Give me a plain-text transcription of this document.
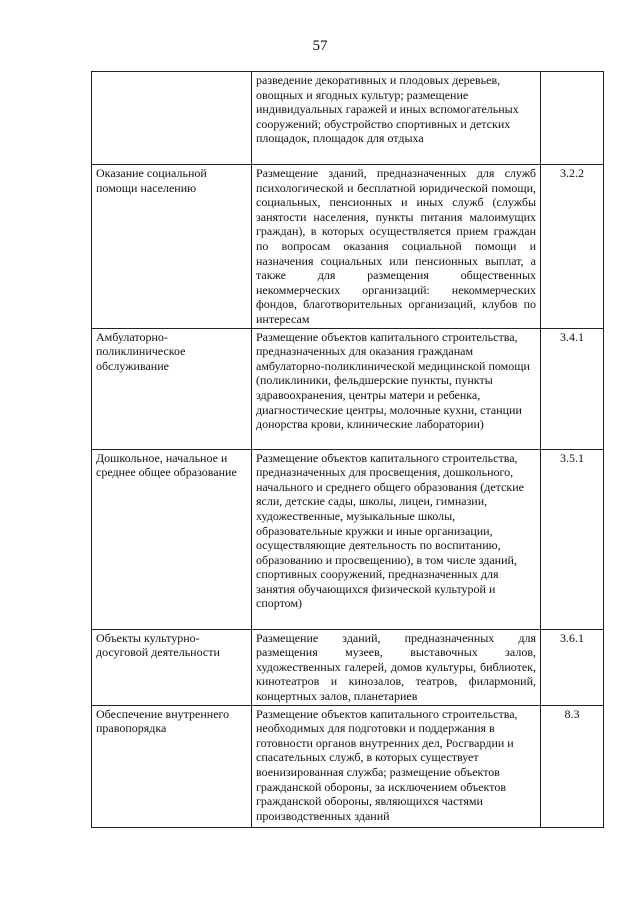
57
	разведение декоративных и плодовых деревьев, овощных и ягодных культур; размещение индивидуальных гаражей и иных вспомогательных сооружений; обустройство спортивных и детских площадок, площадок для отдыха	
Оказание социальной помощи населению	Размещение зданий, предназначенных для служб психологической и бесплатной юридической помощи, социальных, пенсионных и иных служб (службы занятости населения, пункты питания малоимущих граждан), в которых осуществляется прием граждан по вопросам оказания социальной помощи и назначения социальных или пенсионных выплат, а также для размещения общественных некоммерческих организаций: некоммерческих фондов, благотворительных организаций, клубов по интересам	3.2.2
Амбулаторно-поликлиническое обслуживание	Размещение объектов капитального строительства, предназначенных для оказания гражданам амбулаторно-поликлинической медицинской помощи (поликлиники, фельдшерские пункты, пункты здравоохранения, центры матери и ребенка, диагностические центры, молочные кухни, станции донорства крови, клинические лаборатории)	3.4.1
Дошкольное, начальное и среднее общее образование	Размещение объектов капитального строительства, предназначенных для просвещения, дошкольного, начального и среднего общего образования (детские ясли, детские сады, школы, лицеи, гимназии, художественные, музыкальные школы, образовательные кружки и иные организации, осуществляющие деятельность по воспитанию, образованию и просвещению), в том числе зданий, спортивных сооружений, предназначенных для занятия обучающихся физической культурой и спортом)	3.5.1
Объекты культурно-досуговой деятельности	Размещение зданий, предназначенных для размещения музеев, выставочных залов, художественных галерей, домов культуры, библиотек, кинотеатров и кинозалов, театров, филармоний, концертных залов, планетариев	3.6.1
Обеспечение внутреннего правопорядка	Размещение объектов капитального строительства, необходимых для подготовки и поддержания в готовности органов внутренних дел, Росгвардии и спасательных служб, в которых существует военизированная служба; размещение объектов гражданской обороны, за исключением объектов гражданской обороны, являющихся частями производственных зданий	8.3
